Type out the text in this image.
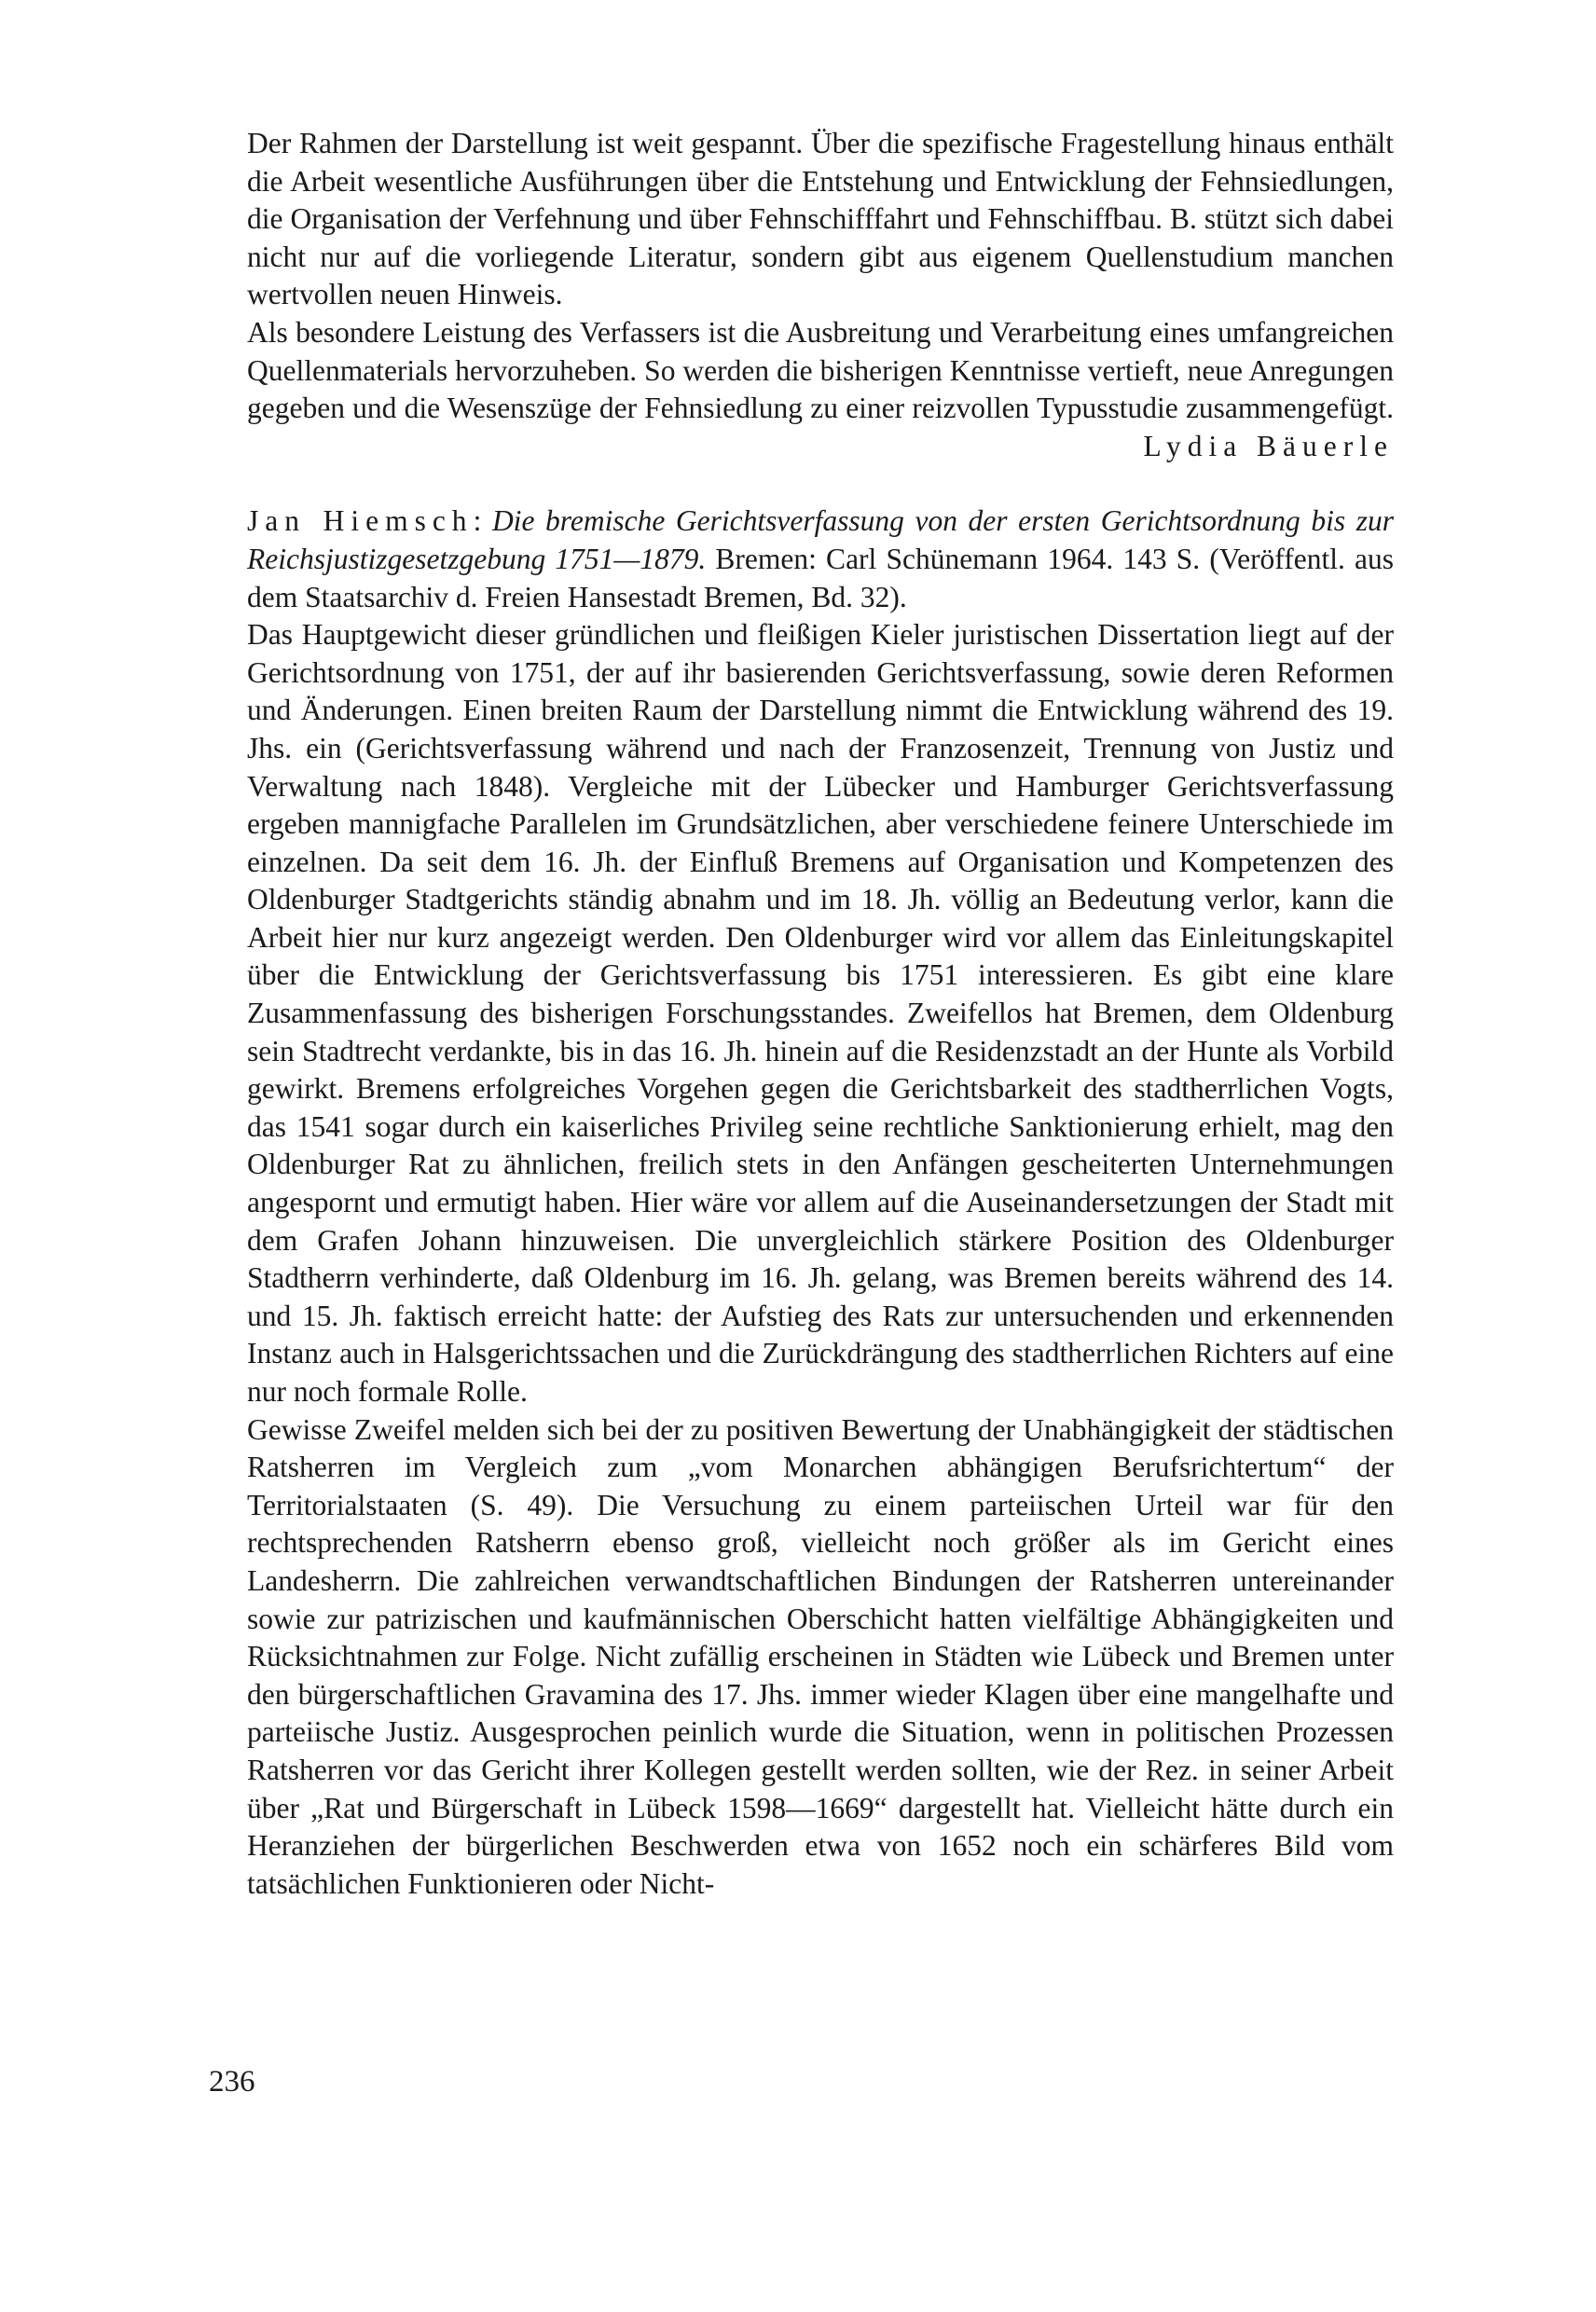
Der Rahmen der Darstellung ist weit gespannt. Über die spezifische Fragestellung hinaus enthält die Arbeit wesentliche Ausführungen über die Entstehung und Entwicklung der Fehnsiedlungen, die Organisation der Verfehnung und über Fehnschifffahrt und Fehnschiffbau. B. stützt sich dabei nicht nur auf die vorliegende Literatur, sondern gibt aus eigenem Quellenstudium manchen wertvollen neuen Hinweis.

Als besondere Leistung des Verfassers ist die Ausbreitung und Verarbeitung eines umfangreichen Quellenmaterials hervorzuheben. So werden die bisherigen Kenntnisse vertieft, neue Anregungen gegeben und die Wesenszüge der Fehnsiedlung zu einer reizvollen Typusstudie zusammengefügt.
Lydia Bäuerle

Jan Hiemsch: Die bremische Gerichtsverfassung von der ersten Gerichtsordnung bis zur Reichsjustizgesetzgebung 1751—1879. Bremen: Carl Schünemann 1964. 143 S. (Veröffentl. aus dem Staatsarchiv d. Freien Hansestadt Bremen, Bd. 32).

Das Hauptgewicht dieser gründlichen und fleißigen Kieler juristischen Dissertation liegt auf der Gerichtsordnung von 1751, der auf ihr basierenden Gerichtsverfassung, sowie deren Reformen und Änderungen. Einen breiten Raum der Darstellung nimmt die Entwicklung während des 19. Jhs. ein (Gerichtsverfassung während und nach der Franzosenzeit, Trennung von Justiz und Verwaltung nach 1848). Vergleiche mit der Lübecker und Hamburger Gerichtsverfassung ergeben mannigfache Parallelen im Grundsätzlichen, aber verschiedene feinere Unterschiede im einzelnen. Da seit dem 16. Jh. der Einfluß Bremens auf Organisation und Kompetenzen des Oldenburger Stadtgerichts ständig abnahm und im 18. Jh. völlig an Bedeutung verlor, kann die Arbeit hier nur kurz angezeigt werden. Den Oldenburger wird vor allem das Einleitungskapitel über die Entwicklung der Gerichtsverfassung bis 1751 interessieren. Es gibt eine klare Zusammenfassung des bisherigen Forschungsstandes. Zweifellos hat Bremen, dem Oldenburg sein Stadtrecht verdankte, bis in das 16. Jh. hinein auf die Residenzstadt an der Hunte als Vorbild gewirkt. Bremens erfolgreiches Vorgehen gegen die Gerichtsbarkeit des stadtherrlichen Vogts, das 1541 sogar durch ein kaiserliches Privileg seine rechtliche Sanktionierung erhielt, mag den Oldenburger Rat zu ähnlichen, freilich stets in den Anfängen gescheiterten Unternehmungen angespornt und ermutigt haben. Hier wäre vor allem auf die Auseinandersetzungen der Stadt mit dem Grafen Johann hinzuweisen. Die unvergleichlich stärkere Position des Oldenburger Stadtherrn verhinderte, daß Oldenburg im 16. Jh. gelang, was Bremen bereits während des 14. und 15. Jh. faktisch erreicht hatte: der Aufstieg des Rats zur untersuchenden und erkennenden Instanz auch in Halsgerichtssachen und die Zurückdrängung des stadtherrlichen Richters auf eine nur noch formale Rolle.

Gewisse Zweifel melden sich bei der zu positiven Bewertung der Unabhängigkeit der städtischen Ratsherren im Vergleich zum „vom Monarchen abhängigen Berufsrichtertum“ der Territorialstaaten (S. 49). Die Versuchung zu einem parteiischen Urteil war für den rechtsprechenden Ratsherrn ebenso groß, vielleicht noch größer als im Gericht eines Landesherrn. Die zahlreichen verwandtschaftlichen Bindungen der Ratsherren untereinander sowie zur patrizischen und kaufmännischen Oberschicht hatten vielfältige Abhängigkeiten und Rücksichtnahmen zur Folge. Nicht zufällig erscheinen in Städten wie Lübeck und Bremen unter den bürgerschaftlichen Gravamina des 17. Jhs. immer wieder Klagen über eine mangelhafte und parteiische Justiz. Ausgesprochen peinlich wurde die Situation, wenn in politischen Prozessen Ratsherren vor das Gericht ihrer Kollegen gestellt werden sollten, wie der Rez. in seiner Arbeit über „Rat und Bürgerschaft in Lübeck 1598—1669“ dargestellt hat. Vielleicht hätte durch ein Heranziehen der bürgerlichen Beschwerden etwa von 1652 noch ein schärferes Bild vom tatsächlichen Funktionieren oder Nicht-

236
